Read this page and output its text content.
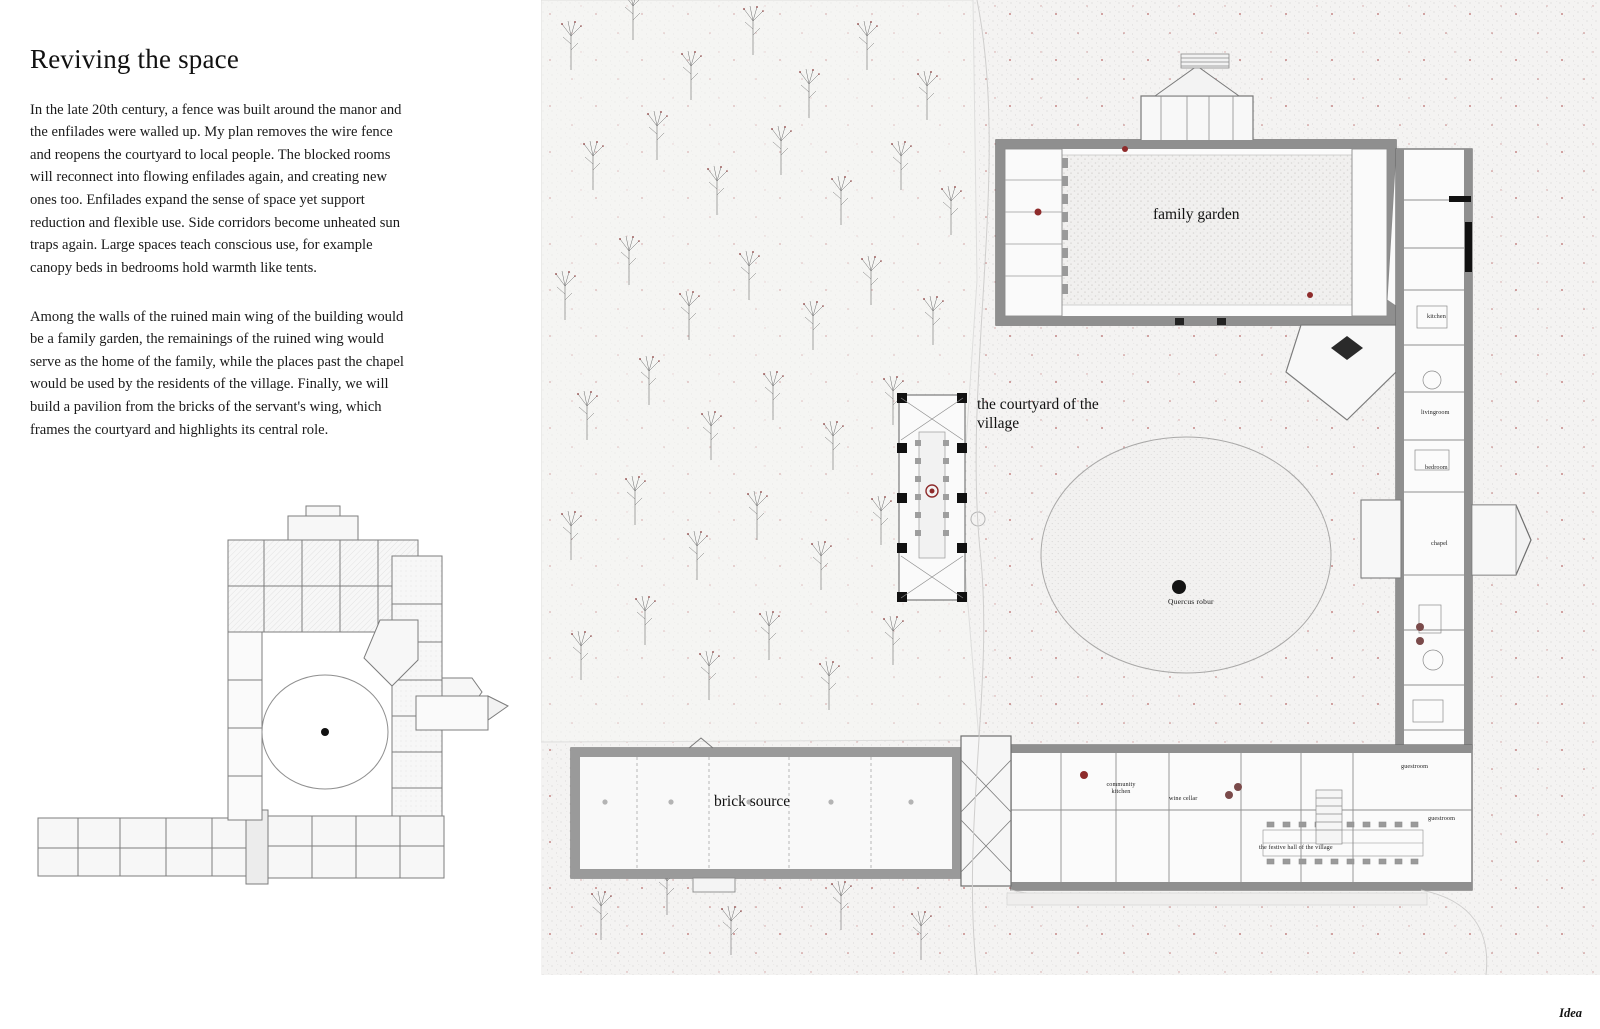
Reviving the space

In the late 20th century, a fence was built around the manor and the enfilades were walled up. My plan removes the wire fence and reopens the courtyard to local people. The blocked rooms will reconnect into flowing enfilades again, and creating new ones too. Enfilades expand the sense of space yet support reduction and flexible use. Side corridors become unheated sun traps again. Large spaces teach conscious use, for example canopy beds in bedrooms hold warmth like tents.

Among the walls of the ruined main wing of the building would be a family garden, the remainings of the ruined wing would serve as the home of the family, while the places past the chapel would be used by the residents of the village. Finally, we will build a pavilion from the bricks of the servant's wing, which frames the courtyard and highlights its central role.

family garden
the courtyard of the village
brick source
Quercus robur
kitchen
livingroom
bedroom
chapel
guestroom
guestroom
community kitchen
wine cellar
the festive hall of the village
Idea
